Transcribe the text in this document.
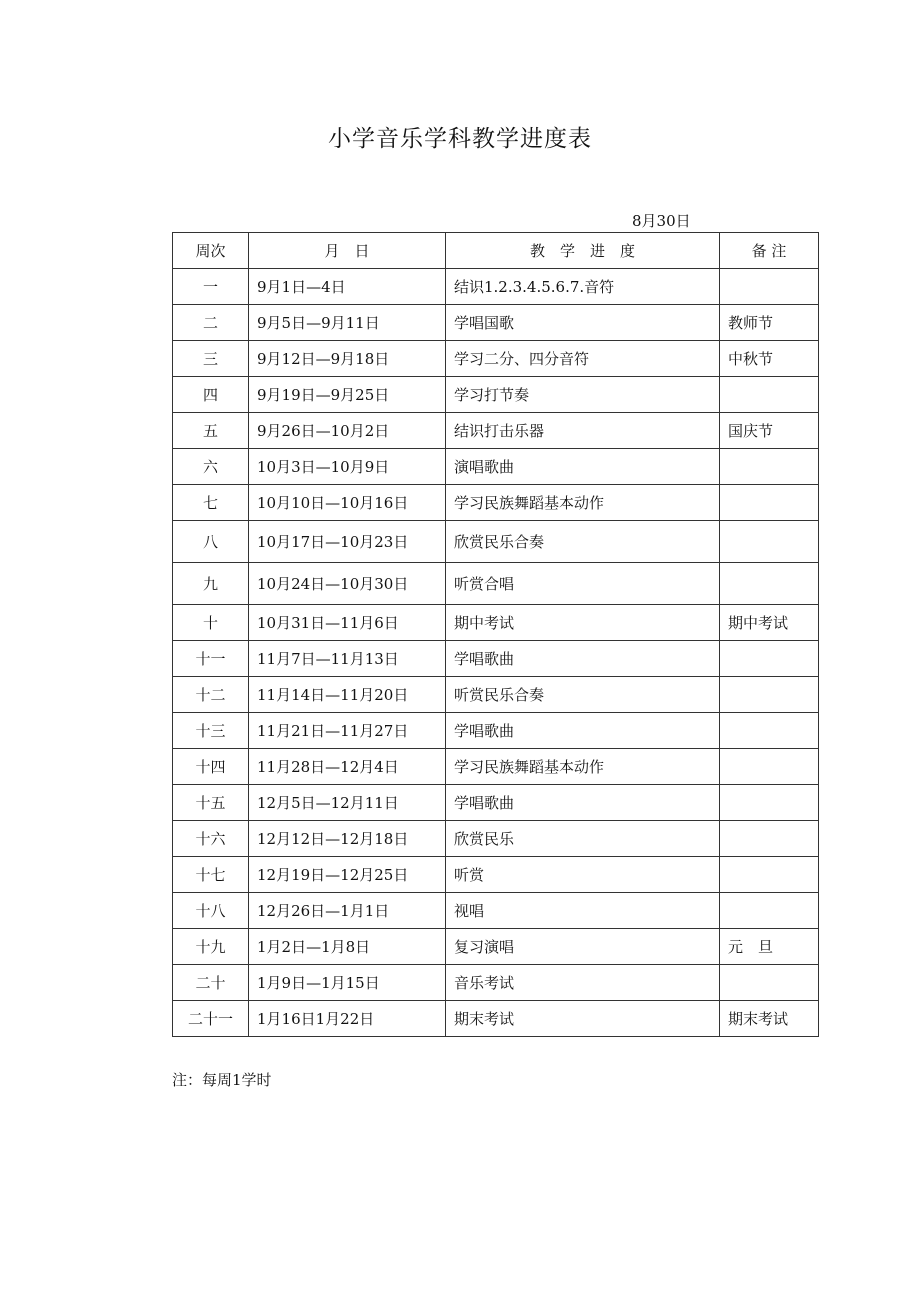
小学音乐学科教学进度表
8月30日
周次	月　日	教　学　进　度	备 注
一	9月1日—4日	结识1.2.3.4.5.6.7.音符	
二	9月5日—9月11日	学唱国歌	教师节
三	9月12日—9月18日	学习二分、四分音符	中秋节
四	9月19日—9月25日	学习打节奏	
五	9月26日—10月2日	结识打击乐器	国庆节
六	10月3日—10月9日	演唱歌曲	
七	10月10日—10月16日	学习民族舞蹈基本动作	
八	10月17日—10月23日	欣赏民乐合奏	
九	10月24日—10月30日	听赏合唱	
十	10月31日—11月6日	期中考试	期中考试
十一	11月7日—11月13日	学唱歌曲	
十二	11月14日—11月20日	听赏民乐合奏	
十三	11月21日—11月27日	学唱歌曲	
十四	11月28日—12月4日	学习民族舞蹈基本动作	
十五	12月5日—12月11日	学唱歌曲	
十六	12月12日—12月18日	欣赏民乐	
十七	12月19日—12月25日	听赏	
十八	12月26日—1月1日	视唱	
十九	1月2日—1月8日	复习演唱	元　旦
二十	1月9日—1月15日	音乐考试	
二十一	1月16日1月22日	期末考试	期末考试
注：每周1学时
